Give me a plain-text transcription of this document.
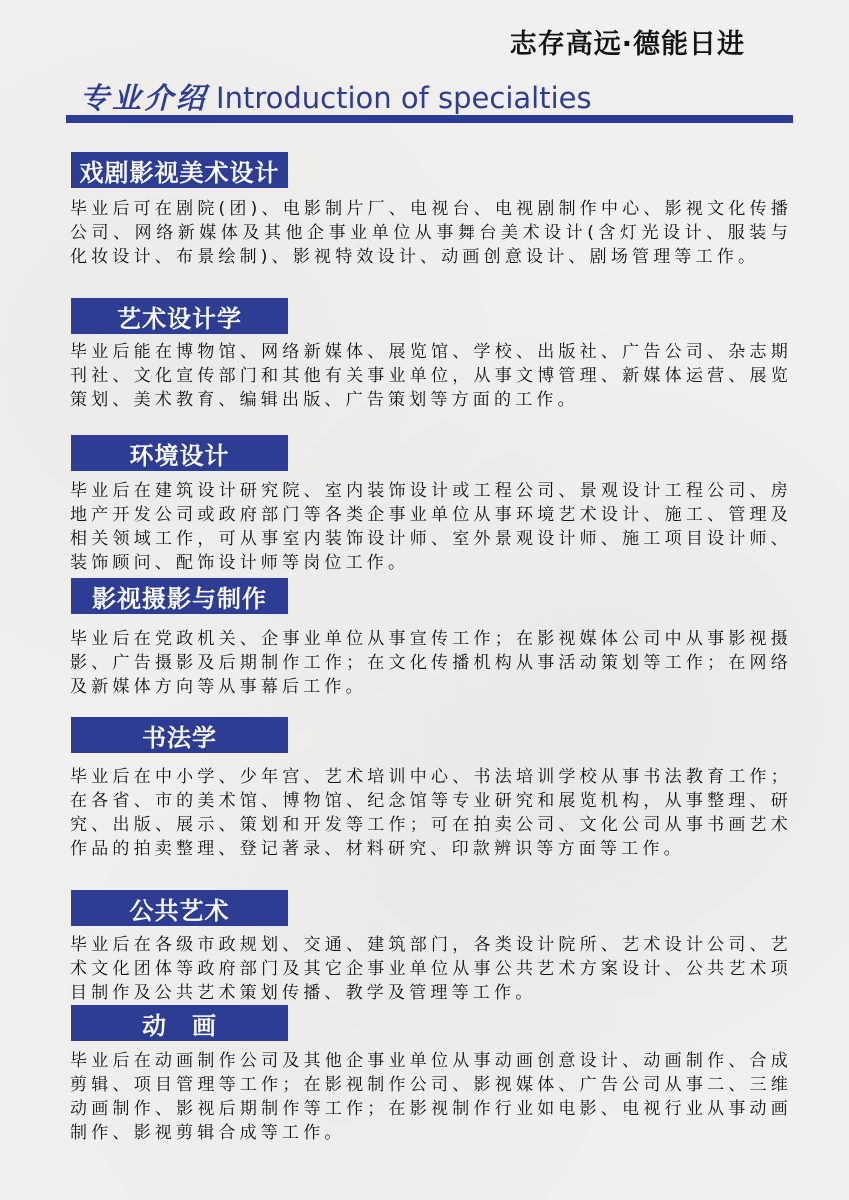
志存高远·德能日进
专业介绍 Introduction of specialties
戏剧影视美术设计

毕业后可在剧院(团)、电影制片厂、电视台、电视剧制作中心、影视文化传播公司、网络新媒体及其他企事业单位从事舞台美术设计(含灯光设计、服装与化妆设计、布景绘制)、影视特效设计、动画创意设计、剧场管理等工作。

艺术设计学

毕业后能在博物馆、网络新媒体、展览馆、学校、出版社、广告公司、杂志期刊社、文化宣传部门和其他有关事业单位，从事文博管理、新媒体运营、展览策划、美术教育、编辑出版、广告策划等方面的工作。

环境设计

毕业后在建筑设计研究院、室内装饰设计或工程公司、景观设计工程公司、房地产开发公司或政府部门等各类企事业单位从事环境艺术设计、施工、管理及相关领域工作，可从事室内装饰设计师、室外景观设计师、施工项目设计师、装饰顾问、配饰设计师等岗位工作。

影视摄影与制作

毕业后在党政机关、企事业单位从事宣传工作；在影视媒体公司中从事影视摄影、广告摄影及后期制作工作；在文化传播机构从事活动策划等工作；在网络及新媒体方向等从事幕后工作。

书法学

毕业后在中小学、少年宫、艺术培训中心、书法培训学校从事书法教育工作；在各省、市的美术馆、博物馆、纪念馆等专业研究和展览机构，从事整理、研究、出版、展示、策划和开发等工作；可在拍卖公司、文化公司从事书画艺术作品的拍卖整理、登记著录、材料研究、印款辨识等方面等工作。

公共艺术

毕业后在各级市政规划、交通、建筑部门，各类设计院所、艺术设计公司、艺术文化团体等政府部门及其它企事业单位从事公共艺术方案设计、公共艺术项目制作及公共艺术策划传播、教学及管理等工作。

动　画

毕业后在动画制作公司及其他企事业单位从事动画创意设计、动画制作、合成剪辑、项目管理等工作；在影视制作公司、影视媒体、广告公司从事二、三维动画制作、影视后期制作等工作；在影视制作行业如电影、电视行业从事动画制作、影视剪辑合成等工作。
